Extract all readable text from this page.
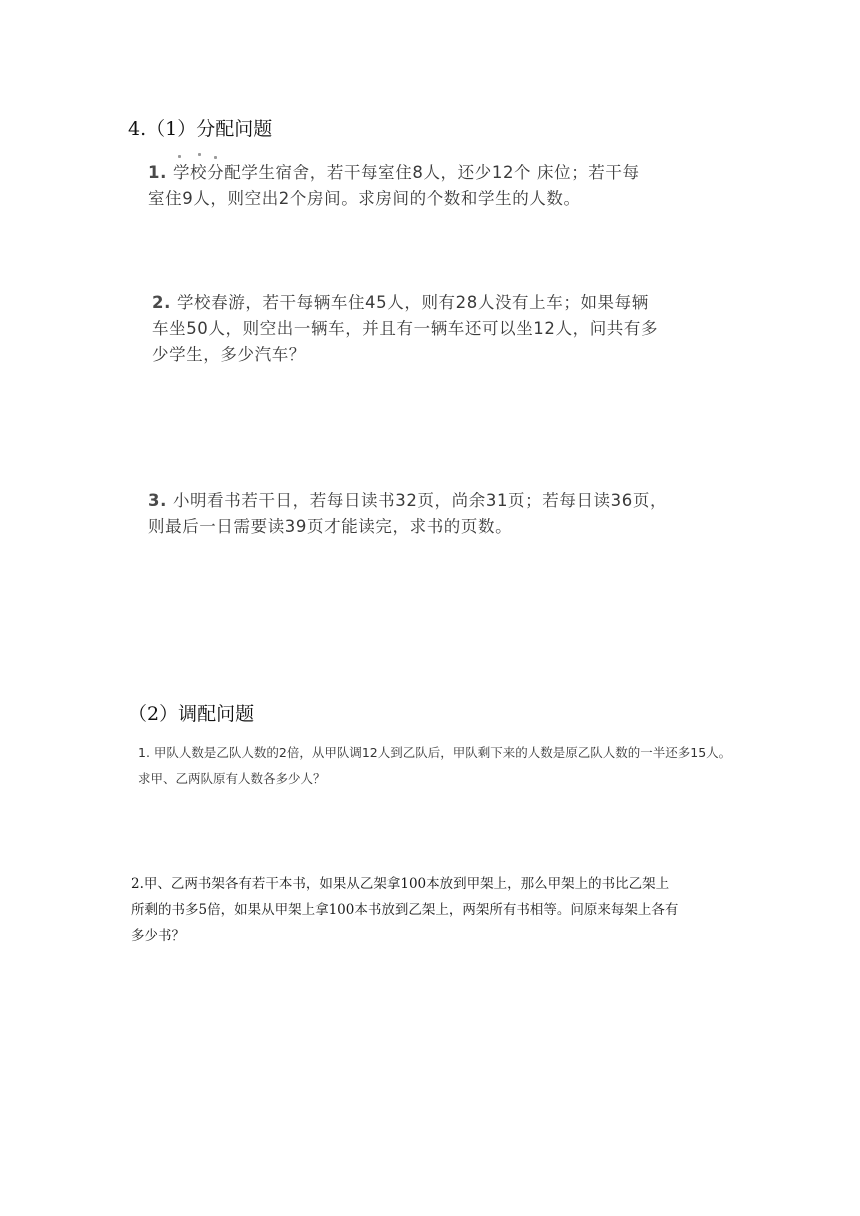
4.（1）分配问题
1. 学校分配学生宿舍，若干每室住8人，还少12个 床位；若干每
室住9人，则空出2个房间。求房间的个数和学生的人数。
2. 学校春游，若干每辆车住45人，则有28人没有上车；如果每辆
车坐50人，则空出一辆车，并且有一辆车还可以坐12人，问共有多
少学生，多少汽车？
3. 小明看书若干日，若每日读书32页，尚余31页；若每日读36页，
则最后一日需要读39页才能读完，求书的页数。
（2）调配问题
1. 甲队人数是乙队人数的2倍，从甲队调12人到乙队后，甲队剩下来的人数是原乙队人数的一半还多15人。
求甲、乙两队原有人数各多少人？
2.甲、乙两书架各有若干本书，如果从乙架拿100本放到甲架上，那么甲架上的书比乙架上
所剩的书多5倍，如果从甲架上拿100本书放到乙架上，两架所有书相等。问原来每架上各有
多少书？
